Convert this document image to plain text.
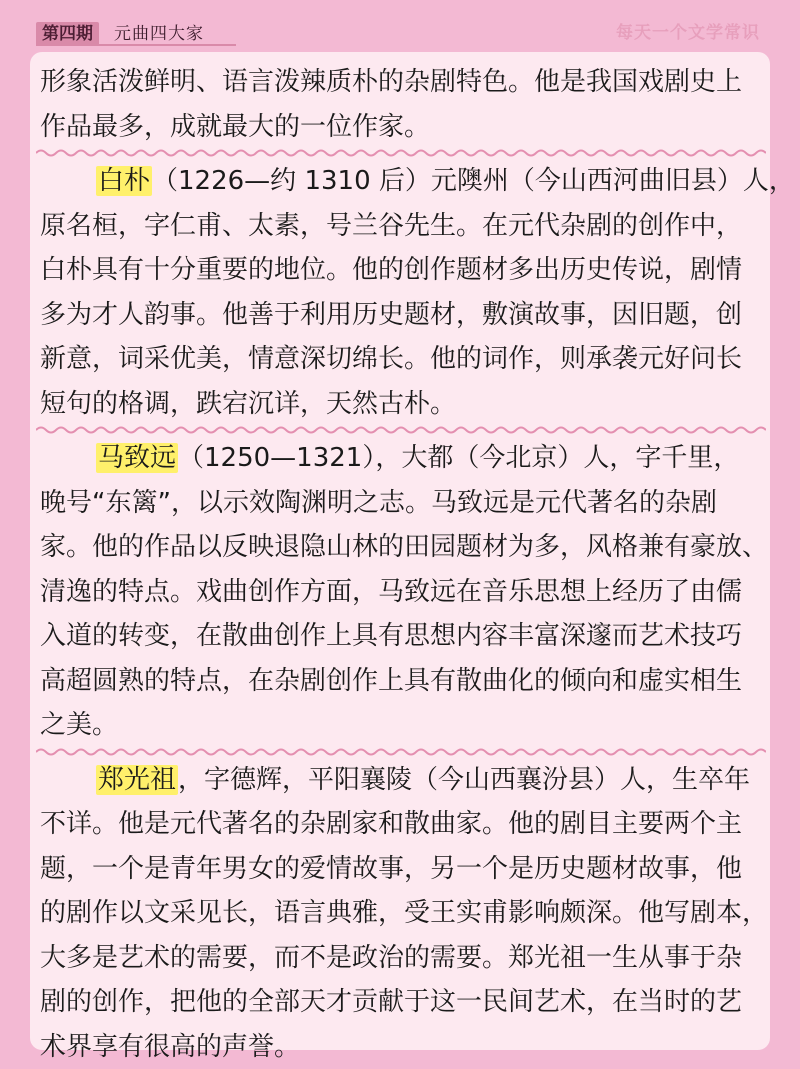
第四期	元曲四大家	每天一个文学常识

形象活泼鲜明、语言泼辣质朴的杂剧特色。他是我国戏剧史上

作品最多，成就最大的一位作家。

白朴（1226—约 1310 后）元隩州（今山西河曲旧县）人，

原名桓，字仁甫、太素，号兰谷先生。在元代杂剧的创作中，

白朴具有十分重要的地位。他的创作题材多出历史传说，剧情

多为才人韵事。他善于利用历史题材，敷演故事，因旧题，创

新意，词采优美，情意深切绵长。他的词作，则承袭元好问长

短句的格调，跌宕沉详，天然古朴。

马致远（1250—1321），大都（今北京）人，字千里，

晚号“东篱”，以示效陶渊明之志。马致远是元代著名的杂剧

家。他的作品以反映退隐山林的田园题材为多，风格兼有豪放、

清逸的特点。戏曲创作方面，马致远在音乐思想上经历了由儒

入道的转变，在散曲创作上具有思想内容丰富深邃而艺术技巧

高超圆熟的特点，在杂剧创作上具有散曲化的倾向和虚实相生

之美。

郑光祖，字德辉，平阳襄陵（今山西襄汾县）人，生卒年

不详。他是元代著名的杂剧家和散曲家。他的剧目主要两个主

题，一个是青年男女的爱情故事，另一个是历史题材故事，他

的剧作以文采见长，语言典雅，受王实甫影响颇深。他写剧本，

大多是艺术的需要，而不是政治的需要。郑光祖一生从事于杂

剧的创作，把他的全部天才贡献于这一民间艺术，在当时的艺

术界享有很高的声誉。
